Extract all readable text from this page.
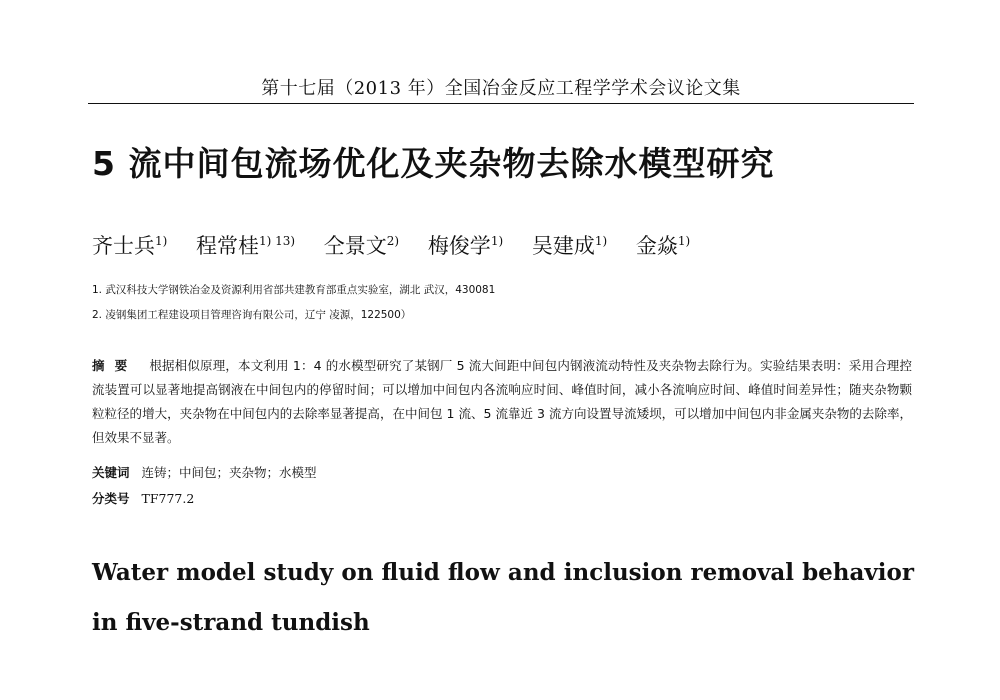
第十七届（2013 年）全国冶金反应工程学学术会议论文集
5 流中间包流场优化及夹杂物去除水模型研究
齐士兵$^{1)}$ 程常桂$^{1) 13)}$ 仝景文$^{2)}$ 梅俊学$^{1)}$ 吴建成$^{1)}$ 金焱$^{1)}$
1. 武汉科技大学钢铁冶金及资源利用省部共建教育部重点实验室，湖北 武汉，430081
2. 凌钢集团工程建设项目管理咨询有限公司，辽宁 凌源，122500）
摘要 根据相似原理，本文利用 1：4 的水模型研究了某钢厂 5 流大间距中间包内钢液流动特性及夹杂物去除行为。实验结果表明：采用合理控流装置可以显著地提高钢液在中间包内的停留时间；可以增加中间包内各流响应时间、峰值时间，减小各流响应时间、峰值时间差异性；随夹杂物颗粒粒径的增大，夹杂物在中间包内的去除率显著提高，在中间包 1 流、5 流靠近 3 流方向设置导流矮坝，可以增加中间包内非金属夹杂物的去除率，但效果不显著。
关键词 连铸；中间包；夹杂物；水模型
分类号 TF777.2
Water model study on fluid flow and inclusion removal behavior in five-strand tundish
